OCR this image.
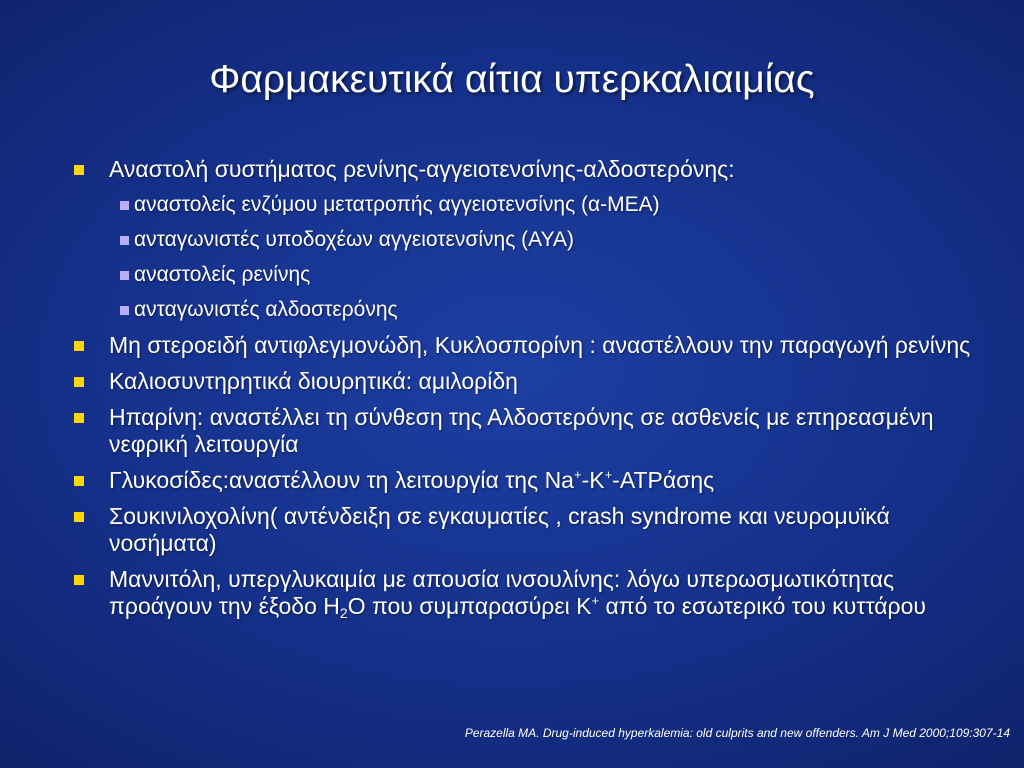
Φαρμακευτικά αίτια υπερκαλιαιμίας
Αναστολή συστήματος ρενίνης-αγγειοτενσίνης-αλδοστερόνης:
αναστολείς ενζύμου μετατροπής αγγειοτενσίνης (α-ΜΕΑ)
ανταγωνιστές υποδοχέων αγγειοτενσίνης (ΑΥΑ)
αναστολείς ρενίνης
ανταγωνιστές αλδοστερόνης
Μη στεροειδή αντιφλεγμονώδη, Κυκλοσπορίνη : αναστέλλουν την παραγωγή ρενίνης
Καλιοσυντηρητικά διουρητικά: αμιλορίδη
Ηπαρίνη: αναστέλλει τη σύνθεση της Αλδοστερόνης σε ασθενείς με επηρεασμένη νεφρική λειτουργία
Γλυκοσίδες:αναστέλλουν τη λειτουργία της Na+-K+-ATPάσης
Σουκινιλοχολίνη( αντένδειξη σε εγκαυματίες , crash syndrome και νευρομυϊκά νοσήματα)
Μαννιτόλη, υπεργλυκαιμία με απουσία ινσουλίνης: λόγω υπερωσμωτικότητας προάγουν την έξοδο $H_2O$ που συμπαρασύρει K+ από το εσωτερικό του κυττάρου
Perazella MA. Drug-induced hyperkalemia: old culprits and new offenders. Am J Med 2000;109:307-14
